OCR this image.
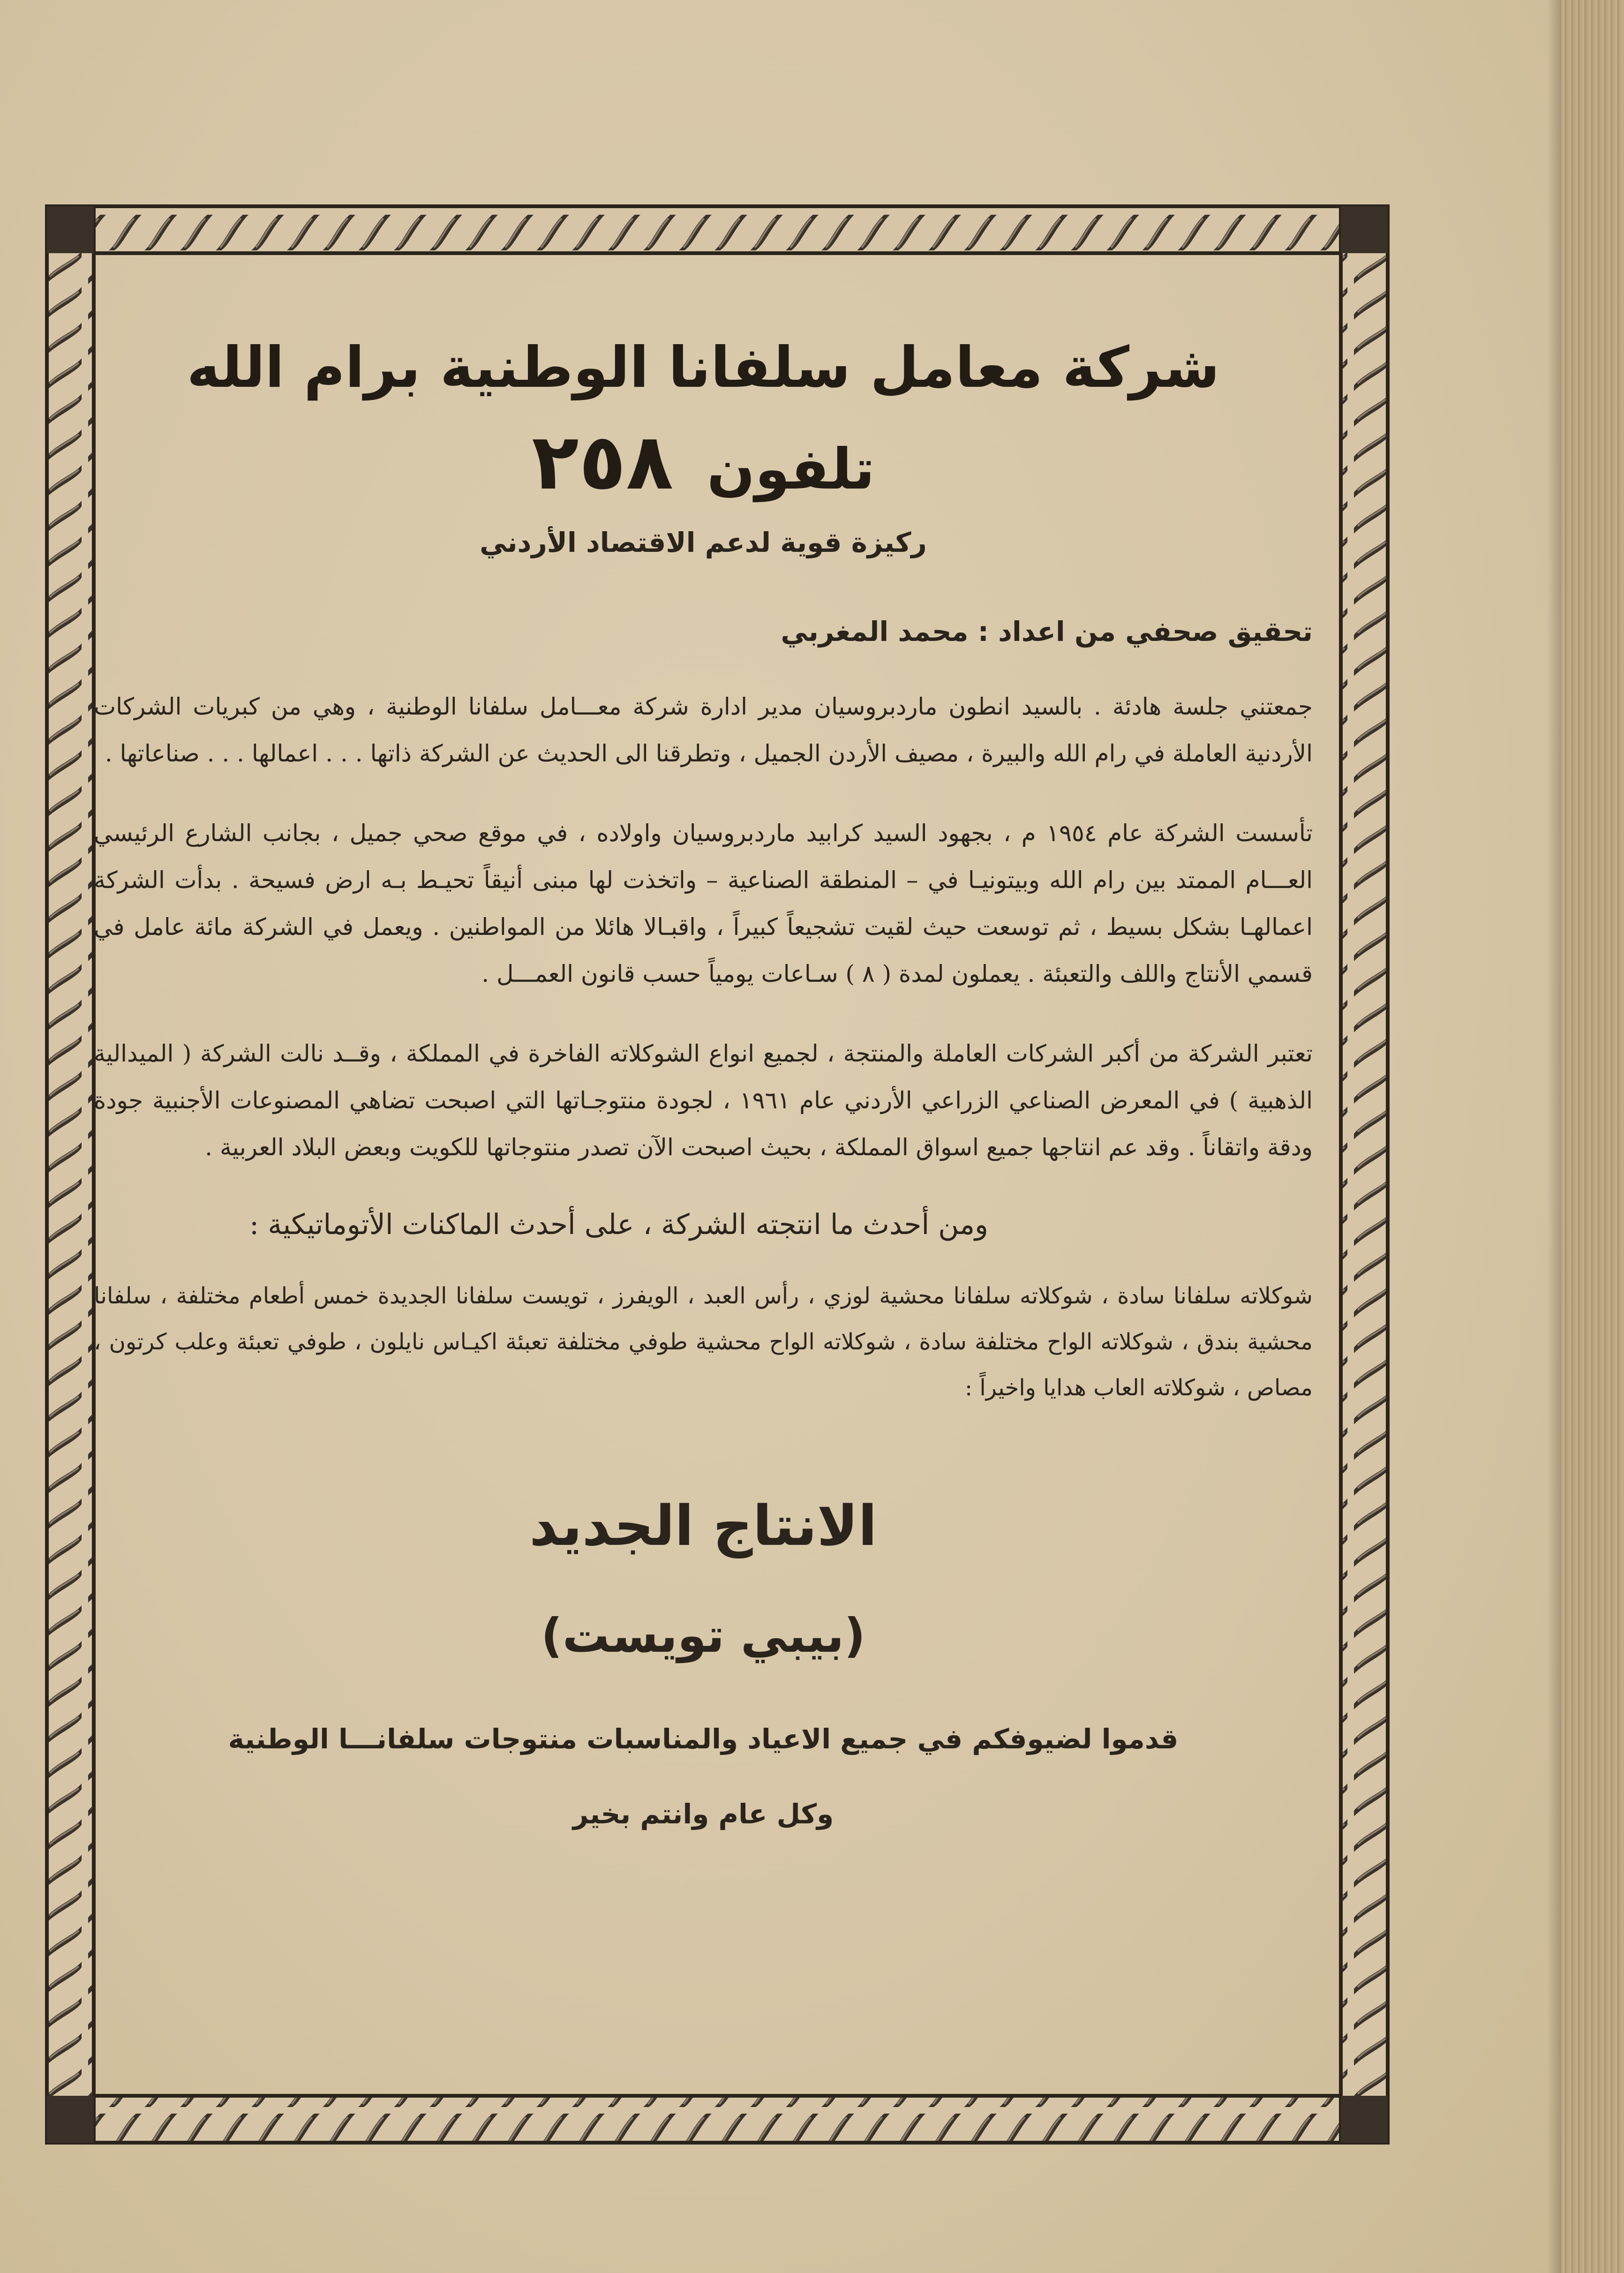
شركة معامل سلفانا الوطنية برام الله
تلفون ٢٥٨
ركيزة قوية لدعم الاقتصاد الأردني
تحقيق صحفي من اعداد : محمد المغربي

جمعتني جلسة هادئة . بالسيد انطون ماردبروسيان مدير ادارة شركة معـــامل سلفانا الوطنية ، وهي من كبريات الشركات الأردنية العاملة في رام الله والبيرة ، مصيف الأردن الجميل ، وتطرقنا الى الحديث عن الشركة ذاتها . . . اعمالها . . . صناعاتها .

تأسست الشركة عام ١٩٥٤ م ، بجهود السيد كرابيد ماردبروسيان واولاده ، في موقع صحي جميل ، بجانب الشارع الرئيسي العـــام الممتد بين رام الله وبيتونيـا في – المنطقة الصناعية – واتخذت لها مبنى أنيقاً تحيـط بـه ارض فسيحة . بدأت الشركة اعمالهـا بشكل بسيط ، ثم توسعت حيث لقيت تشجيعاً كبيراً ، واقبـالا هائلا من المواطنين . ويعمل في الشركة مائة عامل في قسمي الأنتاج واللف والتعبئة . يعملون لمدة ( ٨ ) سـاعات يومياً حسب قانون العمـــل .

تعتبر الشركة من أكبر الشركات العاملة والمنتجة ، لجميع انواع الشوكلاته الفاخرة في المملكة ، وقــد نالت الشركة ( الميدالية الذهبية ) في المعرض الصناعي الزراعي الأردني عام ١٩٦١ ، لجودة منتوجـاتها التي اصبحت تضاهي المصنوعات الأجنبية جودة ودقة واتقاناً . وقد عم انتاجها جميع اسواق المملكة ، بحيث اصبحت الآن تصدر منتوجاتها للكويت وبعض البلاد العربية .

ومن أحدث ما انتجته الشركة ، على أحدث الماكنات الأتوماتيكية :

شوكلاته سلفانا سادة ، شوكلاته سلفانا محشية لوزي ، رأس العبد ، الويفرز ، تويست سلفانا الجديدة خمس أطعام مختلفة ، سلفانا محشية بندق ، شوكلاته الواح مختلفة سادة ، شوكلاته الواح محشية طوفي مختلفة تعبئة اكيـاس نايلون ، طوفي تعبئة وعلب كرتون ، مصاص ، شوكلاته العاب هدايا واخيراً :

الانتاج الجديد
(بيبي تويست)
قدموا لضيوفكم في جميع الاعياد والمناسبات منتوجات سلفانـــا الوطنية
وكل عام وانتم بخير
